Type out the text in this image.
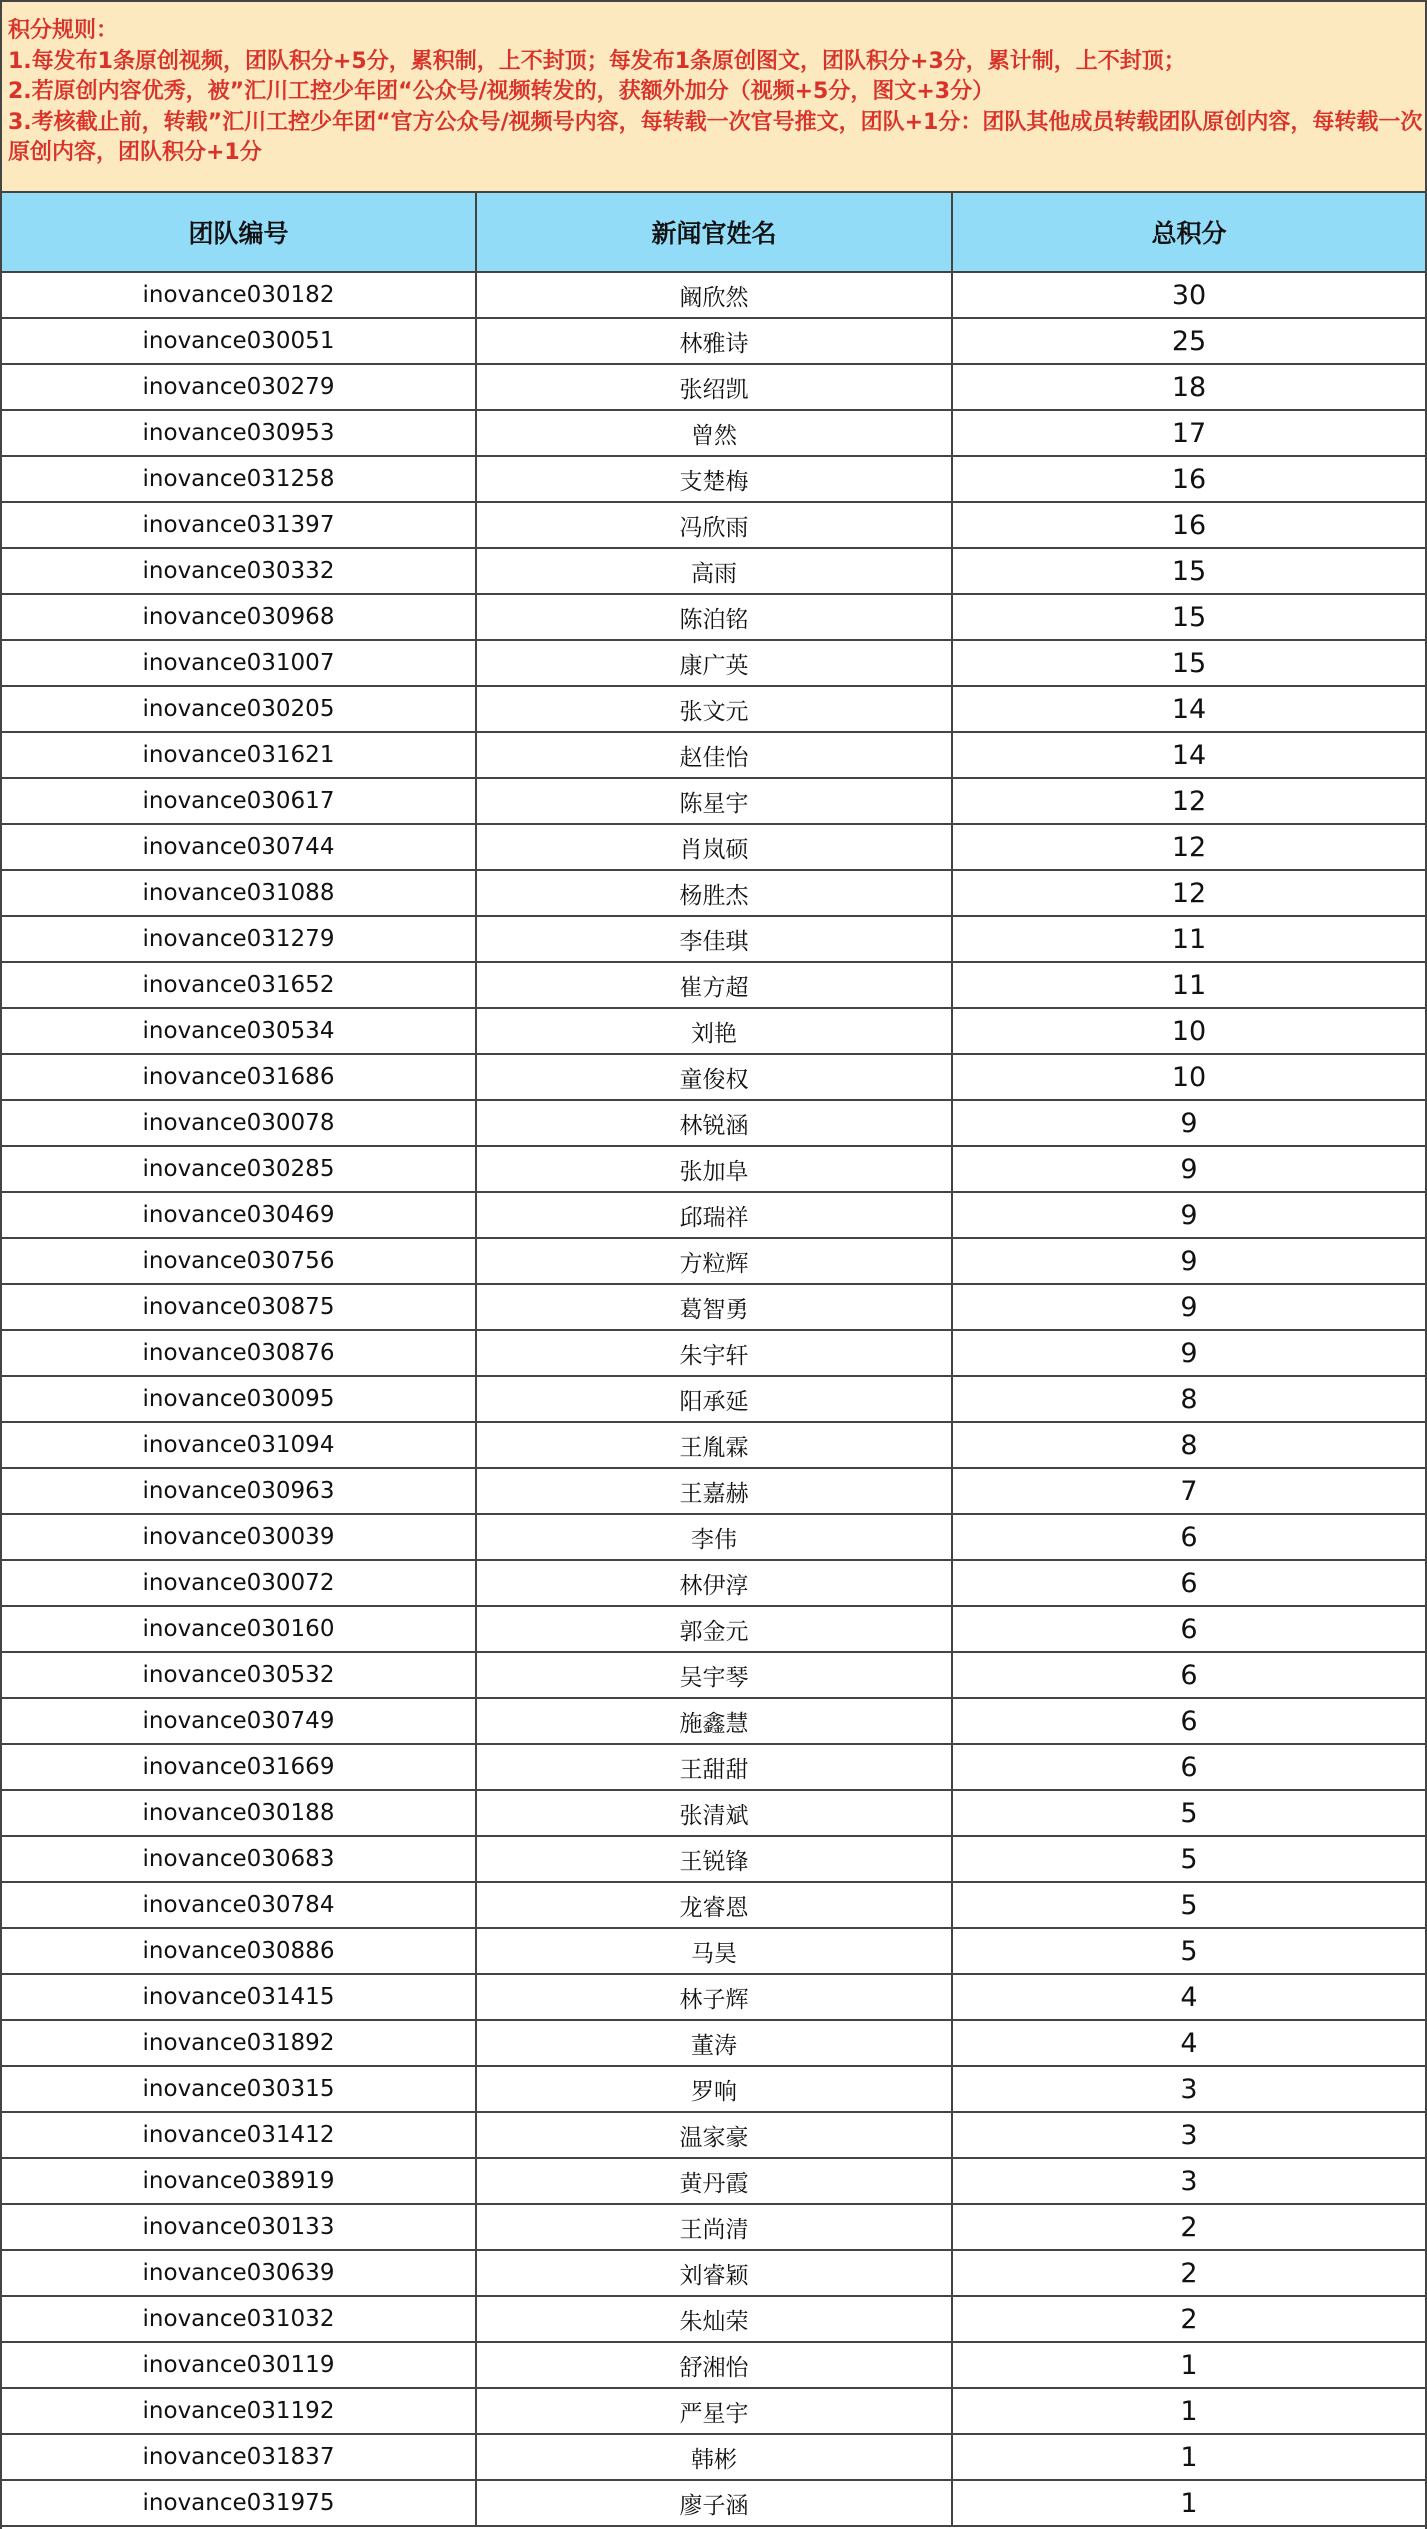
积分规则：
1.每发布1条原创视频，团队积分+5分，累积制，上不封顶；每发布1条原创图文，团队积分+3分，累计制，上不封顶；
2.若原创内容优秀，被”汇川工控少年团“公众号/视频转发的，获额外加分（视频+5分，图文+3分）
3.考核截止前，转载”汇川工控少年团“官方公众号/视频号内容，每转载一次官号推文，团队+1分：团队其他成员转载团队原创内容，每转载一次原创内容，团队积分+1分
团队编号	新闻官姓名	总积分
inovance030182	阚欣然	30
inovance030051	林雅诗	25
inovance030279	张绍凯	18
inovance030953	曾然	17
inovance031258	支楚梅	16
inovance031397	冯欣雨	16
inovance030332	高雨	15
inovance030968	陈泊铭	15
inovance031007	康广英	15
inovance030205	张文元	14
inovance031621	赵佳怡	14
inovance030617	陈星宇	12
inovance030744	肖岚硕	12
inovance031088	杨胜杰	12
inovance031279	李佳琪	11
inovance031652	崔方超	11
inovance030534	刘艳	10
inovance031686	童俊权	10
inovance030078	林锐涵	9
inovance030285	张加阜	9
inovance030469	邱瑞祥	9
inovance030756	方粒辉	9
inovance030875	葛智勇	9
inovance030876	朱宇轩	9
inovance030095	阳承延	8
inovance031094	王胤霖	8
inovance030963	王嘉赫	7
inovance030039	李伟	6
inovance030072	林伊淳	6
inovance030160	郭金元	6
inovance030532	吴宇琴	6
inovance030749	施鑫慧	6
inovance031669	王甜甜	6
inovance030188	张清斌	5
inovance030683	王锐锋	5
inovance030784	龙睿恩	5
inovance030886	马昊	5
inovance031415	林子辉	4
inovance031892	董涛	4
inovance030315	罗响	3
inovance031412	温家豪	3
inovance038919	黄丹霞	3
inovance030133	王尚清	2
inovance030639	刘睿颖	2
inovance031032	朱灿荣	2
inovance030119	舒湘怡	1
inovance031192	严星宇	1
inovance031837	韩彬	1
inovance031975	廖子涵	1
